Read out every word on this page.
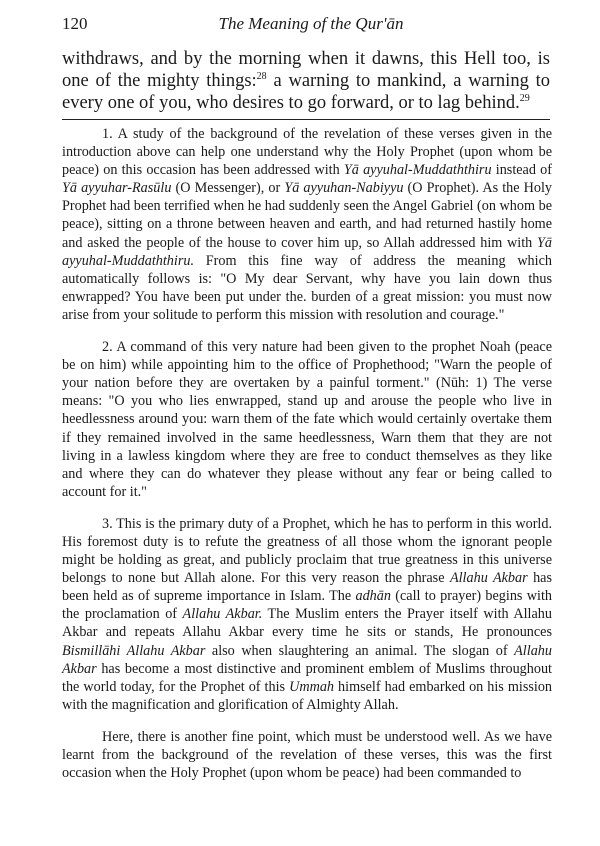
120	The Meaning of the Qur'ān

withdraws, and by the morning when it dawns, this Hell too, is one of the mighty things:$^{28}$ a warning to mankind, a warning to every one of you, who desires to go forward, or to lag behind.$^{29}$

1. A study of the background of the revelation of these verses given in the introduction above can help one understand why the Holy Prophet (upon whom be peace) on this occasion has been addressed with Yā ayyuhal-Muddaththiru instead of Yā ayyuhar-Rasūlu (O Messenger), or Yā ayyuhan-Nabiyyu (O Prophet). As the Holy Prophet had been terrified when he had suddenly seen the Angel Gabriel (on whom be peace), sitting on a throne between heaven and earth, and had returned hastily home and asked the people of the house to cover him up, so Allah addressed him with Yā ayyuhal-Muddaththiru. From this fine way of address the meaning which automatically follows is: "O My dear Servant, why have you lain down thus enwrapped? You have been put under the. burden of a great mission: you must now arise from your solitude to perform this mission with resolution and courage."

2. A command of this very nature had been given to the prophet Noah (peace be on him) while appointing him to the office of Prophethood; "Warn the people of your nation before they are overtaken by a painful torment." (Nūh: 1) The verse means: "O you who lies enwrapped, stand up and arouse the people who live in heedlessness around you: warn them of the fate which would certainly overtake them if they remained involved in the same heedlessness, Warn them that they are not living in a lawless kingdom where they are free to conduct themselves as they like and where they can do whatever they please without any fear or being called to account for it."

3. This is the primary duty of a Prophet, which he has to perform in this world. His foremost duty is to refute the greatness of all those whom the ignorant people might be holding as great, and publicly proclaim that true greatness in this universe belongs to none but Allah alone. For this very reason the phrase Allahu Akbar has been held as of supreme importance in Islam. The adhān (call to prayer) begins with the proclamation of Allahu Akbar. The Muslim enters the Prayer itself with Allahu Akbar and repeats Allahu Akbar every time he sits or stands, He pronounces Bismillāhi Allahu Akbar also when slaughtering an animal. The slogan of Allahu Akbar has become a most distinctive and prominent emblem of Muslims throughout the world today, for the Prophet of this Ummah himself had embarked on his mission with the magnification and glorification of Almighty Allah.

Here, there is another fine point, which must be understood well. As we have learnt from the background of the revelation of these verses, this was the first occasion when the Holy Prophet (upon whom be peace) had been commanded to
